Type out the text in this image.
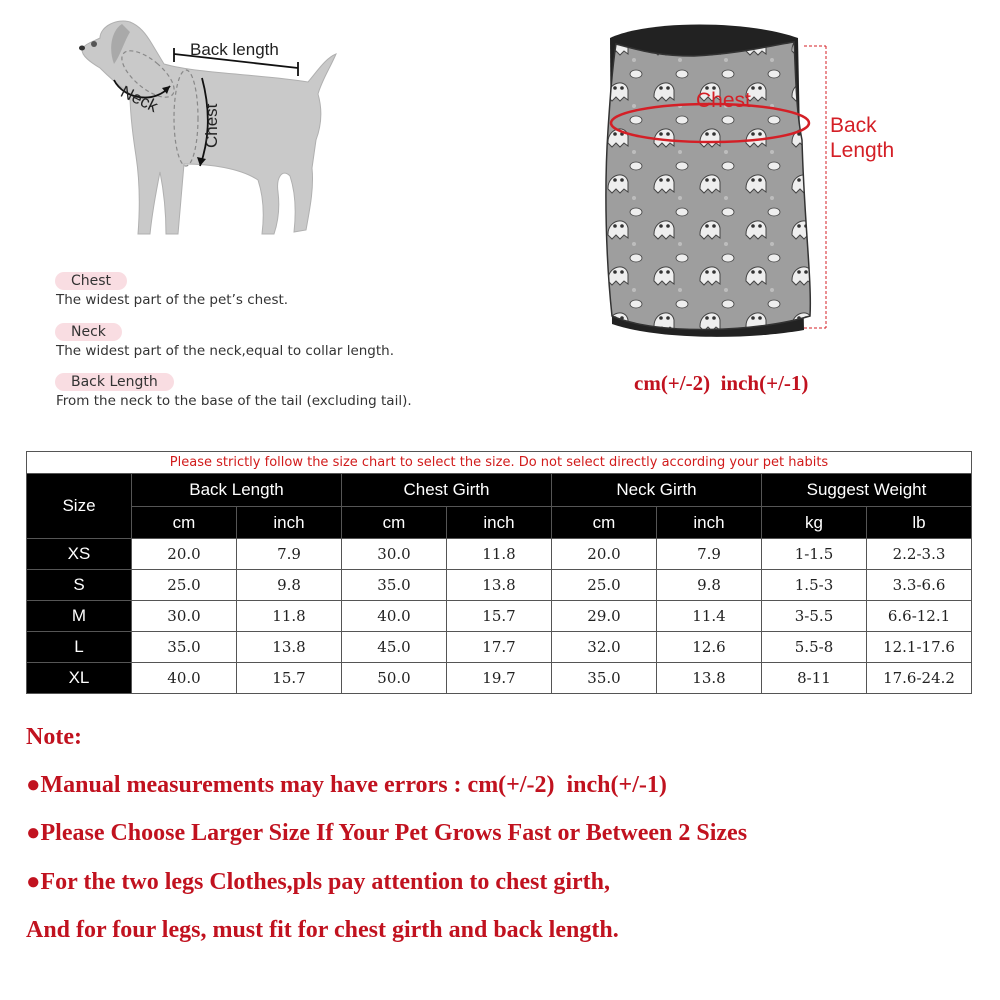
Back length
Neck
Chest
Chest
The widest part of the pet’s chest.
Neck
The widest part of the neck,equal to collar length.
Back Length
From the neck to the base of the tail (excluding tail).
Chest
Back
Length
cm(+/-2)  inch(+/-1)
Please strictly follow the size chart to select the size. Do not select directly according your pet habits								
Size	Back Length		Chest Girth		Neck Girth		Suggest Weight	
	cm	inch	cm	inch	cm	inch	kg	lb
XS	20.0	7.9	30.0	11.8	20.0	7.9	1-1.5	2.2-3.3
S	25.0	9.8	35.0	13.8	25.0	9.8	1.5-3	3.3-6.6
M	30.0	11.8	40.0	15.7	29.0	11.4	3-5.5	6.6-12.1
L	35.0	13.8	45.0	17.7	32.0	12.6	5.5-8	12.1-17.6
XL	40.0	15.7	50.0	19.7	35.0	13.8	8-11	17.6-24.2
Note:
●Manual measurements may have errors : cm(+/-2)  inch(+/-1)
●Please Choose Larger Size If Your Pet Grows Fast or Between 2 Sizes
●For the two legs Clothes,pls pay attention to chest girth,
And for four legs, must fit for chest girth and back length.
